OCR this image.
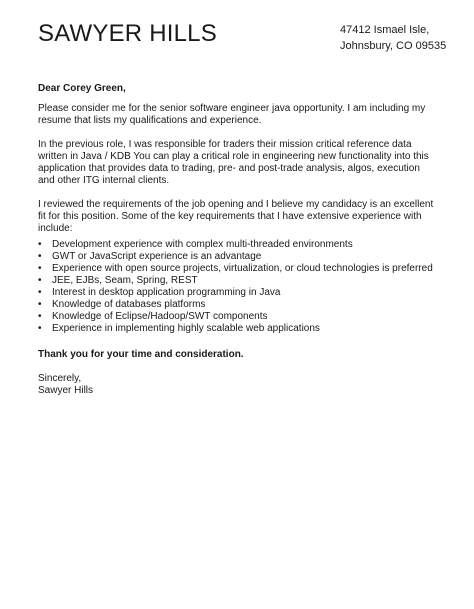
SAWYER HILLS	47412 Ismael Isle,
Johnsbury, CO 09535

Dear Corey Green,

Please consider me for the senior software engineer java opportunity. I am including my resume that lists my qualifications and experience.

In the previous role, I was responsible for traders their mission critical reference data written in Java / KDB You can play a critical role in engineering new functionality into this application that provides data to trading, pre- and post-trade analysis, algos, execution and other ITG internal clients.

I reviewed the requirements of the job opening and I believe my candidacy is an excellent fit for this position. Some of the key requirements that I have extensive experience with include:

• Development experience with complex multi-threaded environments
• GWT or JavaScript experience is an advantage
• Experience with open source projects, virtualization, or cloud technologies is preferred
• JEE, EJBs, Seam, Spring, REST
• Interest in desktop application programming in Java
• Knowledge of databases platforms
• Knowledge of Eclipse/Hadoop/SWT components
• Experience in implementing highly scalable web applications

Thank you for your time and consideration.

Sincerely,
Sawyer Hills
